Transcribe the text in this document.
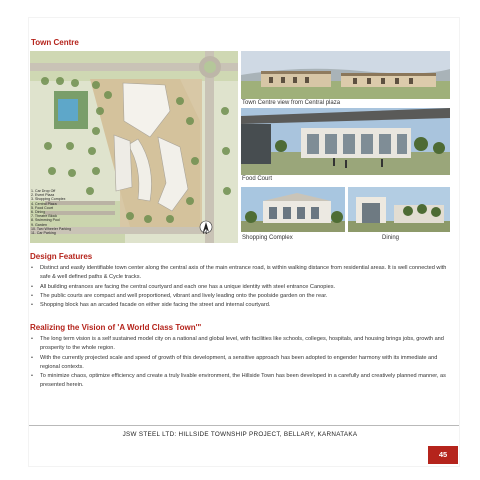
Town Centre
1. Car Drop Off
2. Event Plaza
3. Shopping Complex
4. Central Plaza
5. Food Court
6. Dining
7. Theatre Block
8. Swimming Pool
9. Garden
10. Two Wheeler Parking
11. Car Parking	N
Town Centre view from Central plaza
Food Court
Shopping Complex	Dining
Design Features
• Distinct and easily identifiable town center along the central axis of the main entrance road, is within walking distance from residential areas. It is well connected with safe & well defined paths & Cycle tracks.
• All building entrances are facing the central courtyard and each one has a unique identity with steel entrance Canopies.
• The public courts are compact and well proportioned, vibrant and lively leading onto the poolside garden on the rear.
• Shopping block has an arcaded facade on either side facing the street and internal courtyard.
Realizing the Vision of 'A World Class Town'"
• The long term vision is a self sustained model city on a national and global level, with facilities like schools, colleges, hospitals, and housing brings jobs, growth and prosperity to the whole region.
• With the currently projected scale and speed of growth of this development, a sensitive approach has been adopted to engender harmony with its immediate and regional contexts.
• To minimize chaos, optimize efficiency and create a truly livable environment, the Hillside Town has been developed in a carefully and creatively planned manner, as presented herein.
JSW STEEL LTD: HILLSIDE TOWNSHIP PROJECT, BELLARY, KARNATAKA
45
